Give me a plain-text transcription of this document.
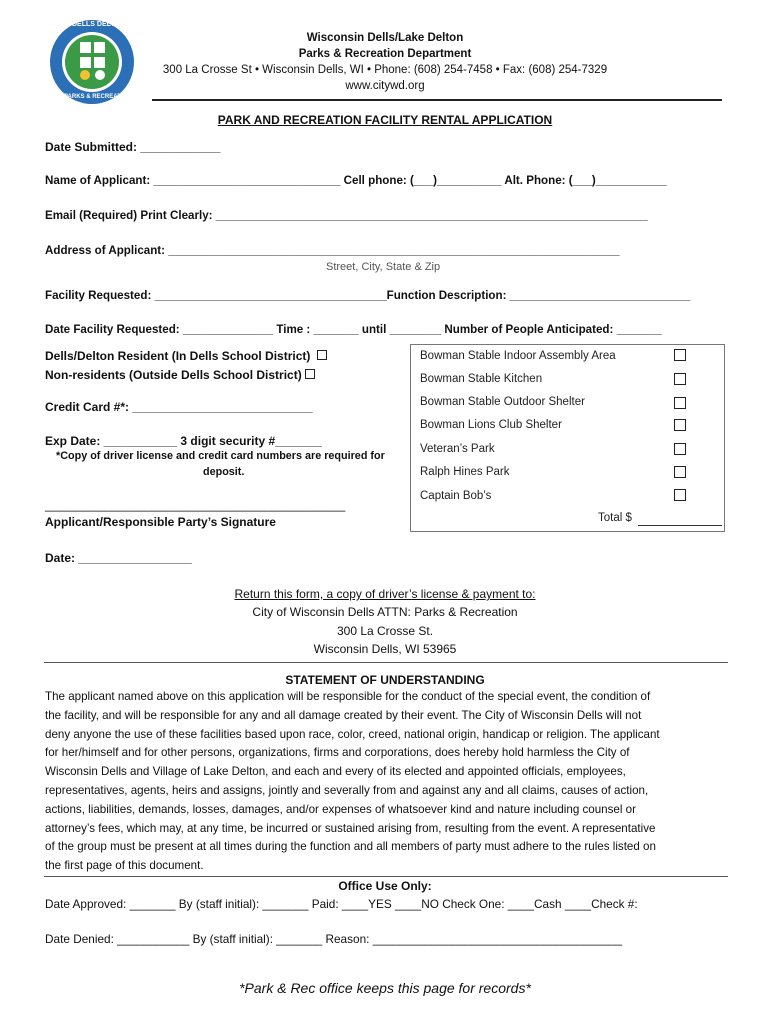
DELLS DELTON
PARKS & RECREATION
Wisconsin Dells/Lake Delton
Parks & Recreation Department
300 La Crosse St • Wisconsin Dells, WI • Phone: (608) 254-7458 • Fax: (608) 254-7329
www.citywd.org
PARK AND RECREATION FACILITY RENTAL APPLICATION
Date Submitted: ____________
Name of Applicant: _____________________________ Cell phone: (___)__________ Alt. Phone: (___)___________
Email (Required) Print Clearly: ___________________________________________________________________
Address of Applicant: ______________________________________________________________________
Street, City, State & Zip
Facility Requested: ____________________________________Function Description: ____________________________
Date Facility Requested: ______________ Time : _______ until ________ Number of People Anticipated: _______
Dells/Delton Resident (In Dells School District)
Non-residents (Outside Dells School District)
Credit Card #*: ___________________________
Exp Date: ___________ 3 digit security #_______
*Copy of driver license and credit card numbers are required for
deposit.
_____________________________________________
Applicant/Responsible Party’s Signature
Date: _________________
Bowman Stable Indoor Assembly Area
Bowman Stable Kitchen
Bowman Stable Outdoor Shelter
Bowman Lions Club Shelter
Veteran’s Park
Ralph Hines Park
Captain Bob’s
Total $
Return this form, a copy of driver’s license & payment to:
City of Wisconsin Dells ATTN: Parks & Recreation
300 La Crosse St.
Wisconsin Dells, WI 53965
STATEMENT OF UNDERSTANDING
The applicant named above on this application will be responsible for the conduct of the special event, the condition of
the facility, and will be responsible for any and all damage created by their event. The City of Wisconsin Dells will not
deny anyone the use of these facilities based upon race, color, creed, national origin, handicap or religion. The applicant
for her/himself and for other persons, organizations, firms and corporations, does hereby hold harmless the City of
Wisconsin Dells and Village of Lake Delton, and each and every of its elected and appointed officials, employees,
representatives, agents, heirs and assigns, jointly and severally from and against any and all claims, causes of action,
actions, liabilities, demands, losses, damages, and/or expenses of whatsoever kind and nature including counsel or
attorney’s fees, which may, at any time, be incurred or sustained arising from, resulting from the event. A representative
of the group must be present at all times during the function and all members of party must adhere to the rules listed on
the first page of this document.
Office Use Only:
Date Approved: _______ By (staff initial): _______ Paid: ____YES ____NO Check One: ____Cash ____Check #:
Date Denied: ___________ By (staff initial): _______ Reason: ______________________________________
*Park & Rec office keeps this page for records*
